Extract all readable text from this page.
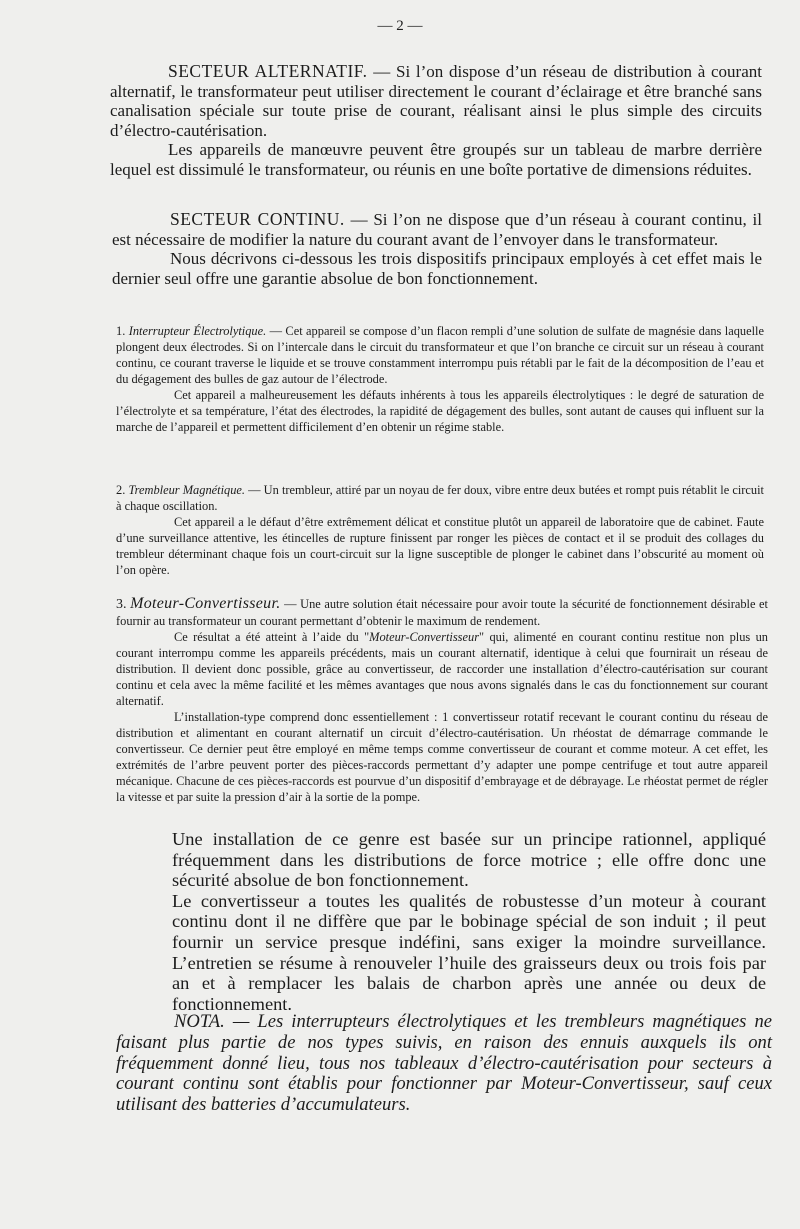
— 2 —

SECTEUR ALTERNATIF. — Si l’on dispose d’un réseau de distribution à courant alternatif, le transformateur peut utiliser directement le courant d’éclairage et être branché sans canalisation spéciale sur toute prise de courant, réalisant ainsi le plus simple des circuits d’électro-cautérisation.

Les appareils de manœuvre peuvent être groupés sur un tableau de marbre derrière lequel est dissimulé le transformateur, ou réunis en une boîte portative de dimensions réduites.

SECTEUR CONTINU. — Si l’on ne dispose que d’un réseau à courant continu, il est nécessaire de modifier la nature du courant avant de l’envoyer dans le transformateur.

Nous décrivons ci-dessous les trois dispositifs principaux employés à cet effet mais le dernier seul offre une garantie absolue de bon fonctionnement.

1. Interrupteur Électrolytique. — Cet appareil se compose d’un flacon rempli d’une solution de sulfate de magnésie dans laquelle plongent deux électrodes. Si on l’intercale dans le circuit du transformateur et que l’on branche ce circuit sur un réseau à courant continu, ce courant traverse le liquide et se trouve constamment interrompu puis rétabli par le fait de la décomposition de l’eau et du dégagement des bulles de gaz autour de l’électrode.

Cet appareil a malheureusement les défauts inhérents à tous les appareils électrolytiques : le degré de saturation de l’électrolyte et sa température, l’état des électrodes, la rapidité de dégagement des bulles, sont autant de causes qui influent sur la marche de l’appareil et permettent difficilement d’en obtenir un régime stable.

2. Trembleur Magnétique. — Un trembleur, attiré par un noyau de fer doux, vibre entre deux butées et rompt puis rétablit le circuit à chaque oscillation.

Cet appareil a le défaut d’être extrêmement délicat et constitue plutôt un appareil de laboratoire que de cabinet. Faute d’une surveillance attentive, les étincelles de rupture finissent par ronger les pièces de contact et il se produit des collages du trembleur déterminant chaque fois un court-circuit sur la ligne susceptible de plonger le cabinet dans l’obscurité au moment où l’on opère.

3. Moteur-Convertisseur. — Une autre solution était nécessaire pour avoir toute la sécurité de fonctionnement désirable et fournir au transformateur un courant permettant d’obtenir le maximum de rendement.

Ce résultat a été atteint à l’aide du "Moteur-Convertisseur" qui, alimenté en courant continu restitue non plus un courant interrompu comme les appareils précédents, mais un courant alternatif, identique à celui que fournirait un réseau de distribution. Il devient donc possible, grâce au convertisseur, de raccorder une installation d’électro-cautérisation sur courant continu et cela avec la même facilité et les mêmes avantages que nous avons signalés dans le cas du fonctionnement sur courant alternatif.

L’installation-type comprend donc essentiellement : 1 convertisseur rotatif recevant le courant continu du réseau de distribution et alimentant en courant alternatif un circuit d’électro-cautérisation. Un rhéostat de démarrage commande le convertisseur. Ce dernier peut être employé en même temps comme convertisseur de courant et comme moteur. A cet effet, les extrémités de l’arbre peuvent porter des pièces-raccords permettant d’y adapter une pompe centrifuge et tout autre appareil mécanique. Chacune de ces pièces-raccords est pourvue d’un dispositif d’embrayage et de débrayage. Le rhéostat permet de régler la vitesse et par suite la pression d’air à la sortie de la pompe.

Une installation de ce genre est basée sur un principe rationnel, appliqué fréquemment dans les distributions de force motrice ; elle offre donc une sécurité absolue de bon fonctionnement.

Le convertisseur a toutes les qualités de robustesse d’un moteur à courant continu dont il ne diffère que par le bobinage spécial de son induit ; il peut fournir un service presque indéfini, sans exiger la moindre surveillance. L’entretien se résume à renouveler l’huile des graisseurs deux ou trois fois par an et à remplacer les balais de charbon après une année ou deux de fonctionnement.

NOTA. — Les interrupteurs électrolytiques et les trembleurs magnétiques ne faisant plus partie de nos types suivis, en raison des ennuis auxquels ils ont fréquemment donné lieu, tous nos tableaux d’électro-cautérisation pour secteurs à courant continu sont établis pour fonctionner par Moteur-Convertisseur, sauf ceux utilisant des batteries d’accumulateurs.
